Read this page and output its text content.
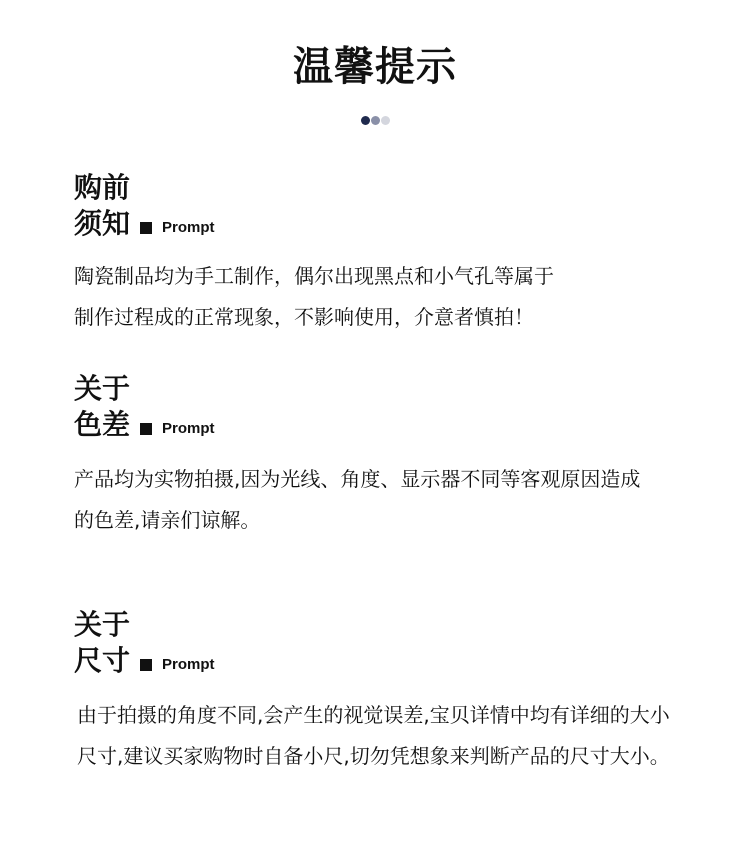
温馨提示
购前
须知 Prompt

陶瓷制品均为手工制作，偶尔出现黑点和小气孔等属于

制作过程成的正常现象，不影响使用，介意者慎拍！

关于
色差 Prompt

产品均为实物拍摄,因为光线、角度、显示器不同等客观原因造成

的色差,请亲们谅解。

关于
尺寸 Prompt

由于拍摄的角度不同,会产生的视觉误差,宝贝详情中均有详细的大小

尺寸,建议买家购物时自备小尺,切勿凭想象来判断产品的尺寸大小。
